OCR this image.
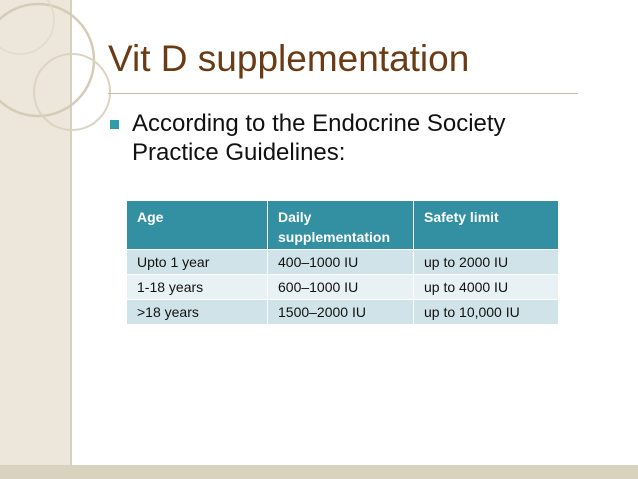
Vit D supplementation
According to the Endocrine Society Practice Guidelines:
Age	Daily supplementation	Safety limit
Upto 1 year	400–1000 IU	up to 2000 IU
1-18 years	600–1000 IU	up to 4000 IU
>18 years	1500–2000 IU	up to 10,000 IU
